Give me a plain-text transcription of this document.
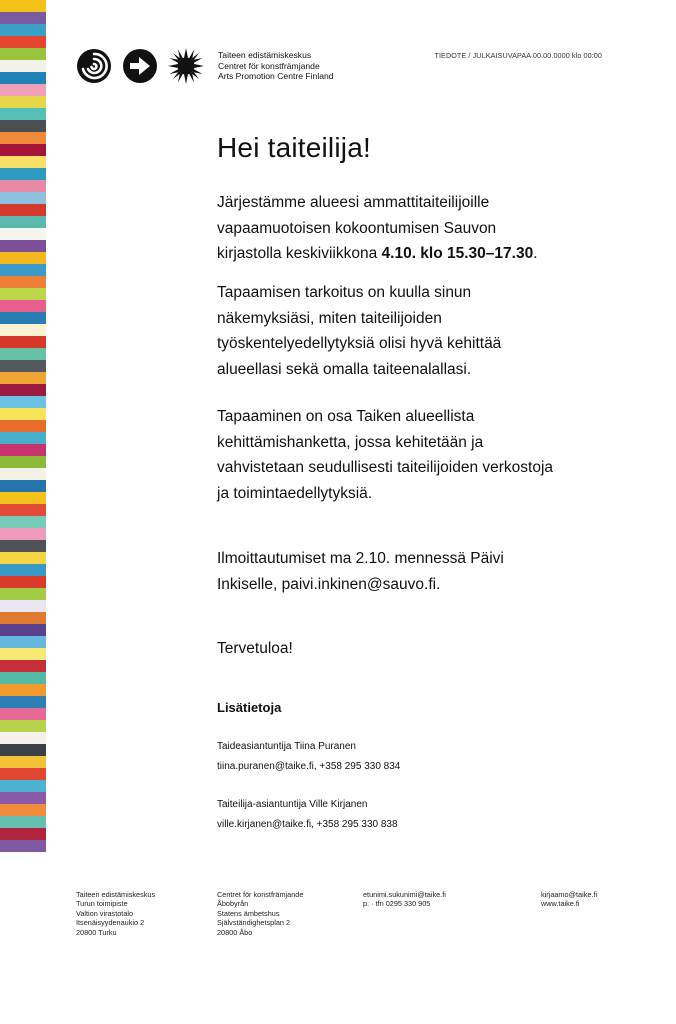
Taiteen edistämiskeskus
Centret för konstfrämjande
Arts Promotion Centre Finland
TIEDOTE / JULKAISUVAPAA 00.00.0000 klo 00:00
Hei taiteilija!

Järjestämme alueesi ammattitaiteilijoille vapaamuotoisen kokoontumisen Sauvon kirjastolla keskiviikkona 4.10. klo 15.30–17.30.

Tapaamisen tarkoitus on kuulla sinun näkemyksiäsi, miten taiteilijoiden työskentelyedellytyksiä olisi hyvä kehittää alueellasi sekä omalla taiteenalallasi.

Tapaaminen on osa Taiken alueellista kehittämishanketta, jossa kehitetään ja vahvistetaan seudullisesti taiteilijoiden verkostoja ja toimintaedellytyksiä.

Ilmoittautumiset ma 2.10. mennessä Päivi Inkiselle, paivi.inkinen@sauvo.fi.

Tervetuloa!

Lisätietoja

Taideasiantuntija Tiina Puranen

tiina.puranen@taike.fi, +358 295 330 834

Taiteilija-asiantuntija Ville Kirjanen

ville.kirjanen@taike.fi, +358 295 330 838

Taiteen edistämiskeskus
Turun toimipiste
Valtion virastotalo
Itsenäisyydenaukio 2
20800 Turku
Centret för konstfrämjande
Åbobyrån
Statens ämbetshus
Självständighetsplan 2
20800 Åbo
etunimi.sukunimi@taike.fi
p. · tfn 0295 330 905
kirjaamo@taike.fi
www.taike.fi
